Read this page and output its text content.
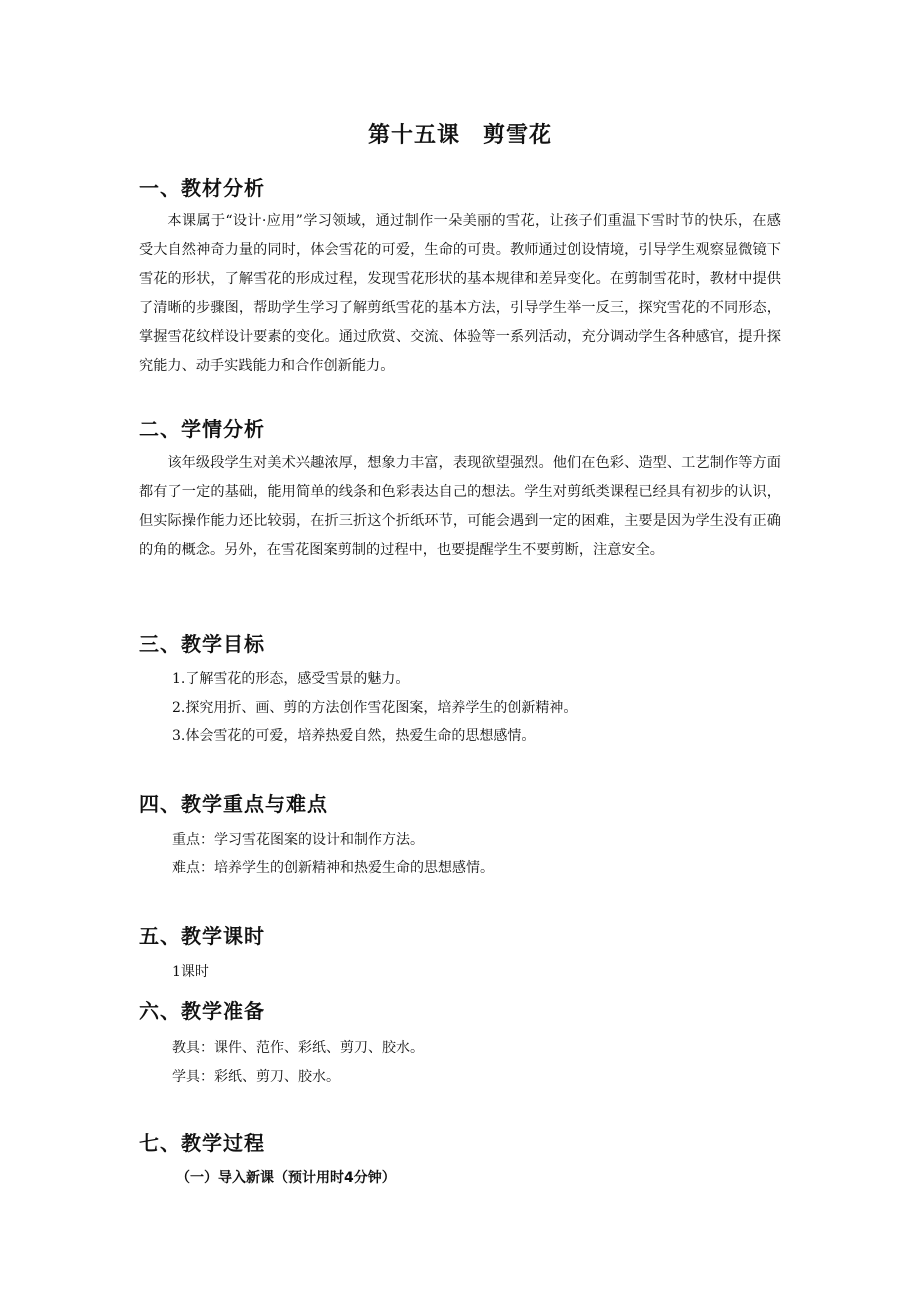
第十五课　剪雪花
一、教材分析
本课属于“设计·应用”学习领域，通过制作一朵美丽的雪花，让孩子们重温下雪时节的快乐，在感受大自然神奇力量的同时，体会雪花的可爱，生命的可贵。教师通过创设情境，引导学生观察显微镜下雪花的形状，了解雪花的形成过程，发现雪花形状的基本规律和差异变化。在剪制雪花时，教材中提供了清晰的步骤图，帮助学生学习了解剪纸雪花的基本方法，引导学生举一反三，探究雪花的不同形态，掌握雪花纹样设计要素的变化。通过欣赏、交流、体验等一系列活动，充分调动学生各种感官，提升探究能力、动手实践能力和合作创新能力。
二、学情分析
该年级段学生对美术兴趣浓厚，想象力丰富，表现欲望强烈。他们在色彩、造型、工艺制作等方面都有了一定的基础，能用简单的线条和色彩表达自己的想法。学生对剪纸类课程已经具有初步的认识，但实际操作能力还比较弱，在折三折这个折纸环节，可能会遇到一定的困难，主要是因为学生没有正确的角的概念。另外，在雪花图案剪制的过程中，也要提醒学生不要剪断，注意安全。
三、教学目标
1.了解雪花的形态，感受雪景的魅力。
2.探究用折、画、剪的方法创作雪花图案，培养学生的创新精神。
3.体会雪花的可爱，培养热爱自然，热爱生命的思想感情。
四、教学重点与难点
重点：学习雪花图案的设计和制作方法。
难点：培养学生的创新精神和热爱生命的思想感情。
五、教学课时
1课时
六、教学准备
教具：课件、范作、彩纸、剪刀、胶水。
学具：彩纸、剪刀、胶水。
七、教学过程
（一）导入新课（预计用时4分钟）
